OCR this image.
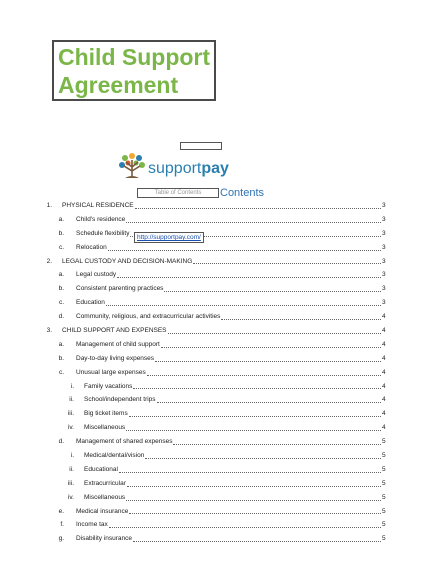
Child Support
Agreement
supportpay
Table of Contents	Contents
1. PHYSICAL RESIDENCE	3
a. Child's residence	3
b. Schedule flexibility	3
c. Relocation	3
2. LEGAL CUSTODY AND DECISION-MAKING	3
a. Legal custody	3
b. Consistent parenting practices	3
c. Education	3
d. Community, religious, and extracurricular activities	4
3. CHILD SUPPORT AND EXPENSES	4
a. Management of child support	4
b. Day-to-day living expenses	4
c. Unusual large expenses	4
i. Family vacations	4
ii. School/independent trips	4
iii. Big ticket items	4
iv. Miscellaneous	4
d. Management of shared expenses	5
i. Medical/dental/vision	5
ii. Educational	5
iii. Extracurricular	5
iv. Miscellaneous	5
e. Medical insurance	5
f. Income tax	5
g. Disability insurance	5
http://supportpay.com/
